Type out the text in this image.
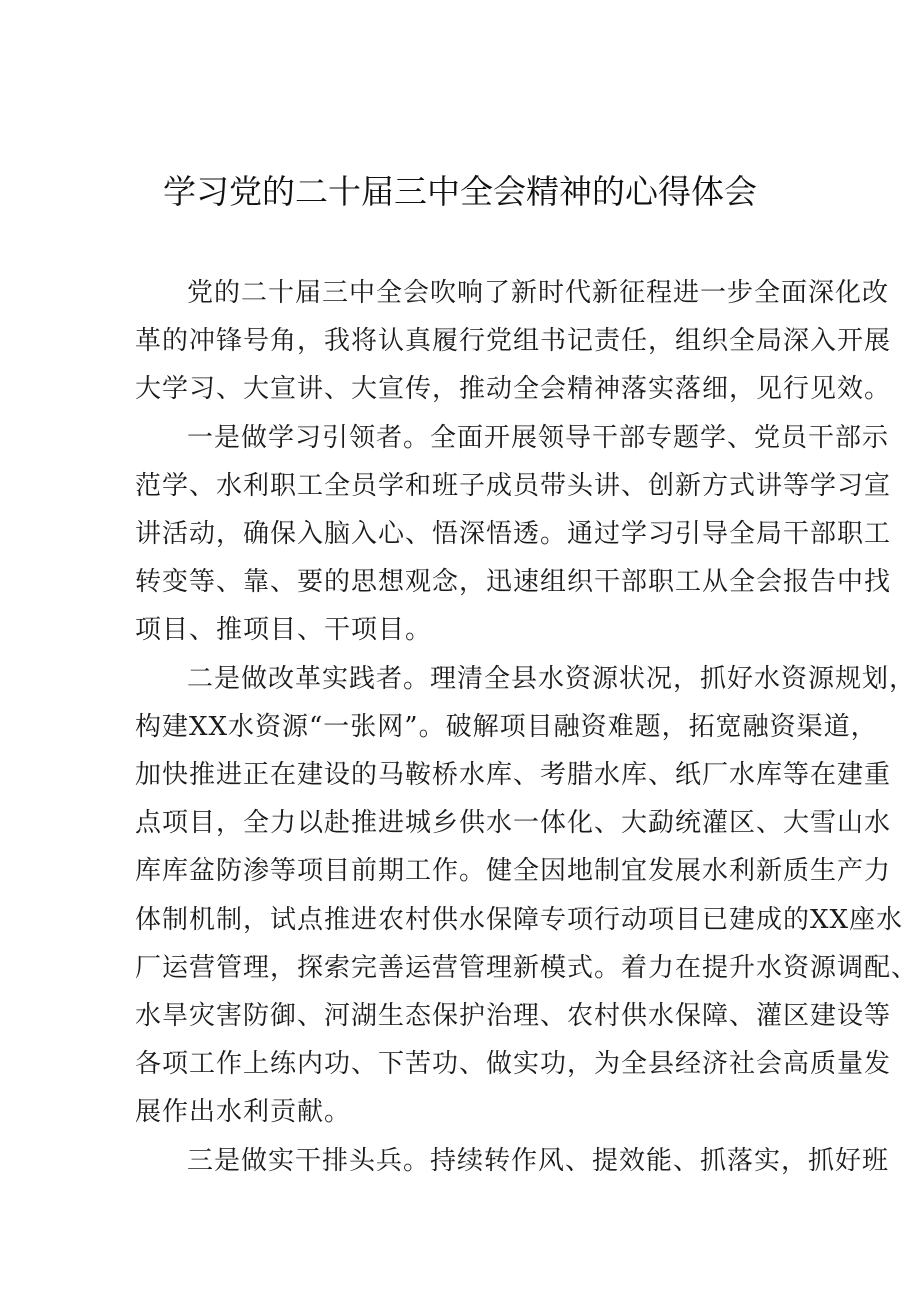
学习党的二十届三中全会精神的心得体会

党的二十届三中全会吹响了新时代新征程进一步全面深化改
革的冲锋号角，我将认真履行党组书记责任，组织全局深入开展
大学习、大宣讲、大宣传，推动全会精神落实落细，见行见效。

一是做学习引领者。全面开展领导干部专题学、党员干部示
范学、水利职工全员学和班子成员带头讲、创新方式讲等学习宣
讲活动，确保入脑入心、悟深悟透。通过学习引导全局干部职工
转变等、靠、要的思想观念，迅速组织干部职工从全会报告中找
项目、推项目、干项目。

二是做改革实践者。理清全县水资源状况，抓好水资源规划，
构建XX水资源“一张网”。破解项目融资难题，拓宽融资渠道，
加快推进正在建设的马鞍桥水库、考腊水库、纸厂水库等在建重
点项目，全力以赴推进城乡供水一体化、大勐统灌区、大雪山水
库库盆防渗等项目前期工作。健全因地制宜发展水利新质生产力
体制机制，试点推进农村供水保障专项行动项目已建成的XX座水
厂运营管理，探索完善运营管理新模式。着力在提升水资源调配、
水旱灾害防御、河湖生态保护治理、农村供水保障、灌区建设等
各项工作上练内功、下苦功、做实功，为全县经济社会高质量发
展作出水利贡献。

三是做实干排头兵。持续转作风、提效能、抓落实，抓好班
